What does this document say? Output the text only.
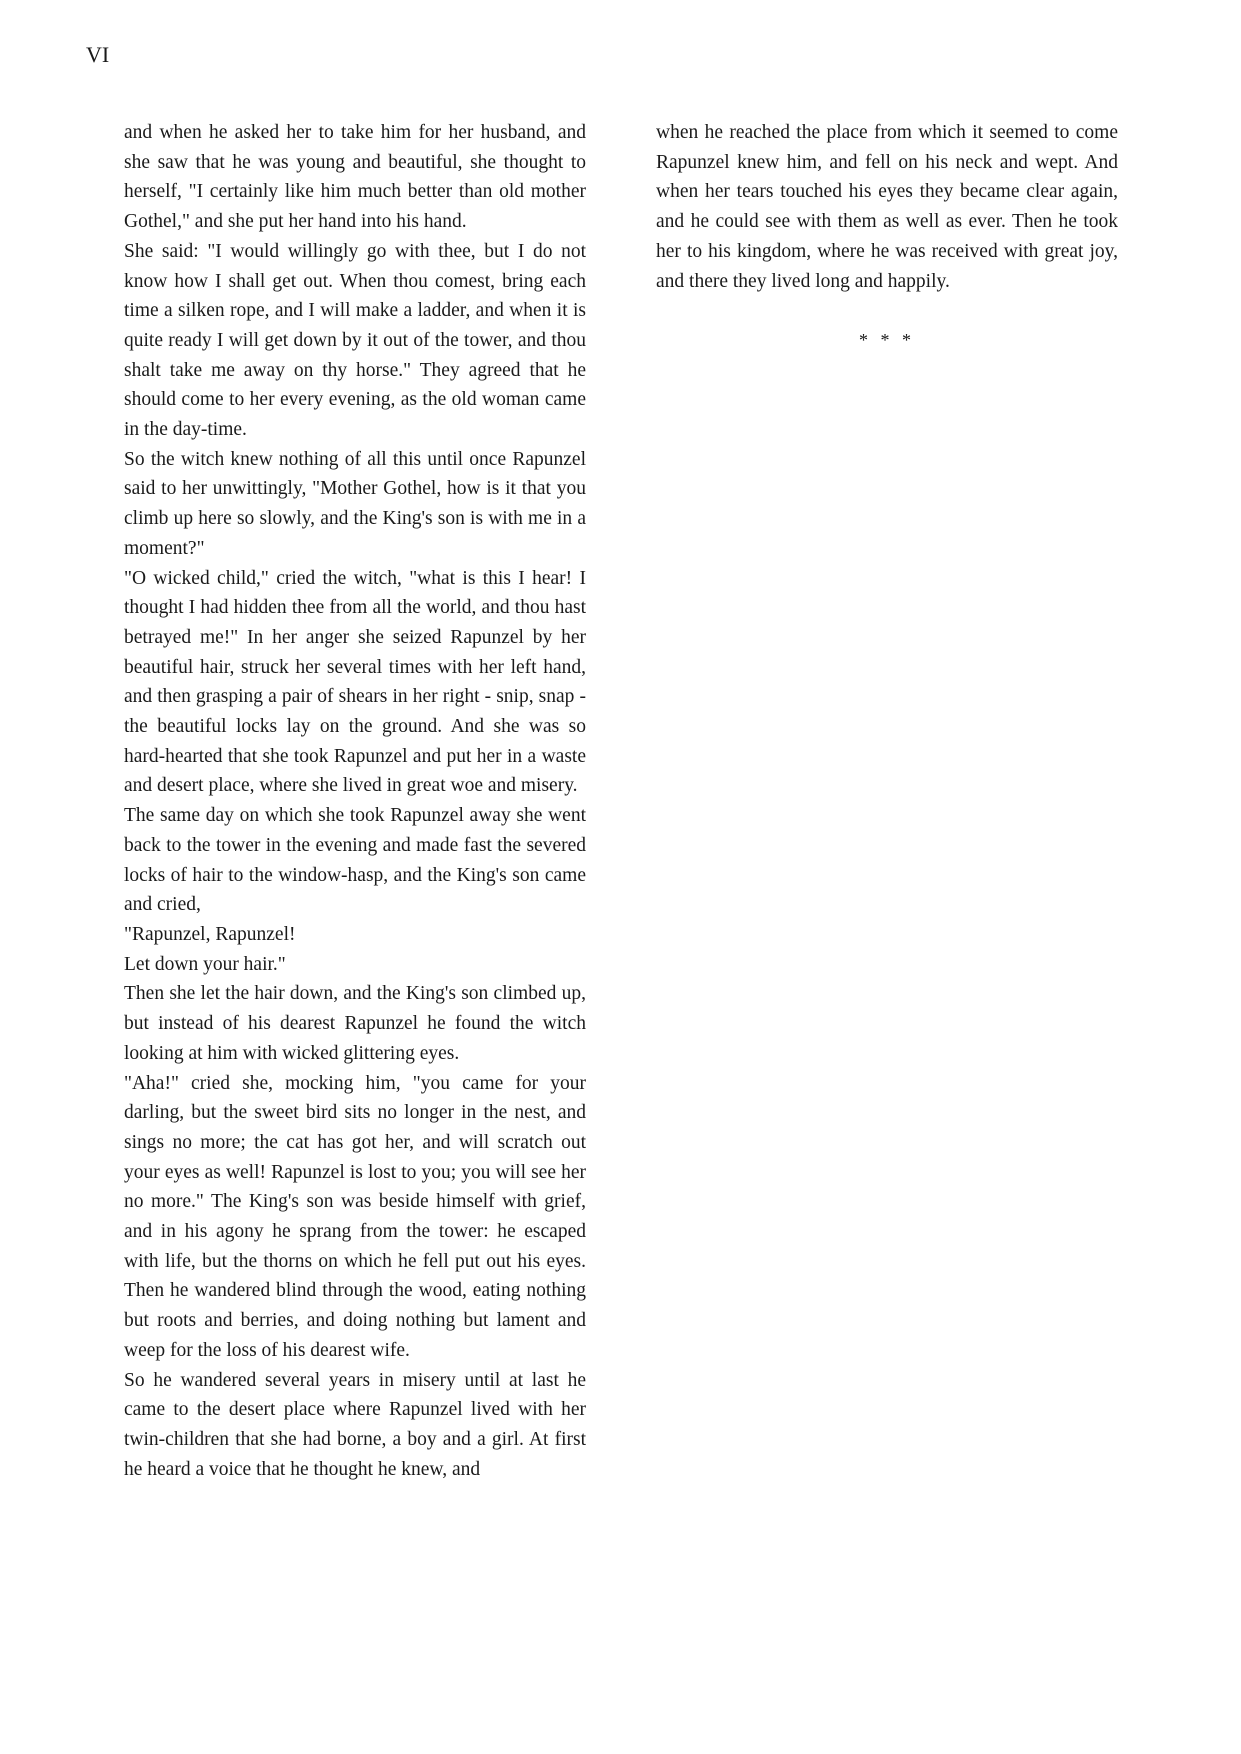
VI

and when he asked her to take him for her husband, and she saw that he was young and beautiful, she thought to herself, "I certainly like him much better than old mother Gothel," and she put her hand into his hand.

She said: "I would willingly go with thee, but I do not know how I shall get out. When thou comest, bring each time a silken rope, and I will make a ladder, and when it is quite ready I will get down by it out of the tower, and thou shalt take me away on thy horse." They agreed that he should come to her every evening, as the old woman came in the day-time.

So the witch knew nothing of all this until once Rapunzel said to her unwittingly, "Mother Gothel, how is it that you climb up here so slowly, and the King's son is with me in a moment?"

"O wicked child," cried the witch, "what is this I hear! I thought I had hidden thee from all the world, and thou hast betrayed me!" In her anger she seized Rapunzel by her beautiful hair, struck her several times with her left hand, and then grasping a pair of shears in her right - snip, snap - the beautiful locks lay on the ground. And she was so hard-hearted that she took Rapunzel and put her in a waste and desert place, where she lived in great woe and misery.

The same day on which she took Rapunzel away she went back to the tower in the evening and made fast the severed locks of hair to the window-hasp, and the King's son came and cried,

"Rapunzel, Rapunzel!

Let down your hair."

Then she let the hair down, and the King's son climbed up, but instead of his dearest Rapunzel he found the witch looking at him with wicked glittering eyes.

"Aha!" cried she, mocking him, "you came for your darling, but the sweet bird sits no longer in the nest, and sings no more; the cat has got her, and will scratch out your eyes as well! Rapunzel is lost to you; you will see her no more." The King's son was beside himself with grief, and in his agony he sprang from the tower: he escaped with life, but the thorns on which he fell put out his eyes. Then he wandered blind through the wood, eating nothing but roots and berries, and doing nothing but lament and weep for the loss of his dearest wife.

So he wandered several years in misery until at last he came to the desert place where Rapunzel lived with her twin-children that she had borne, a boy and a girl. At first he heard a voice that he thought he knew, and

when he reached the place from which it seemed to come Rapunzel knew him, and fell on his neck and wept. And when her tears touched his eyes they became clear again, and he could see with them as well as ever. Then he took her to his kingdom, where he was received with great joy, and there they lived long and happily.

* * *
